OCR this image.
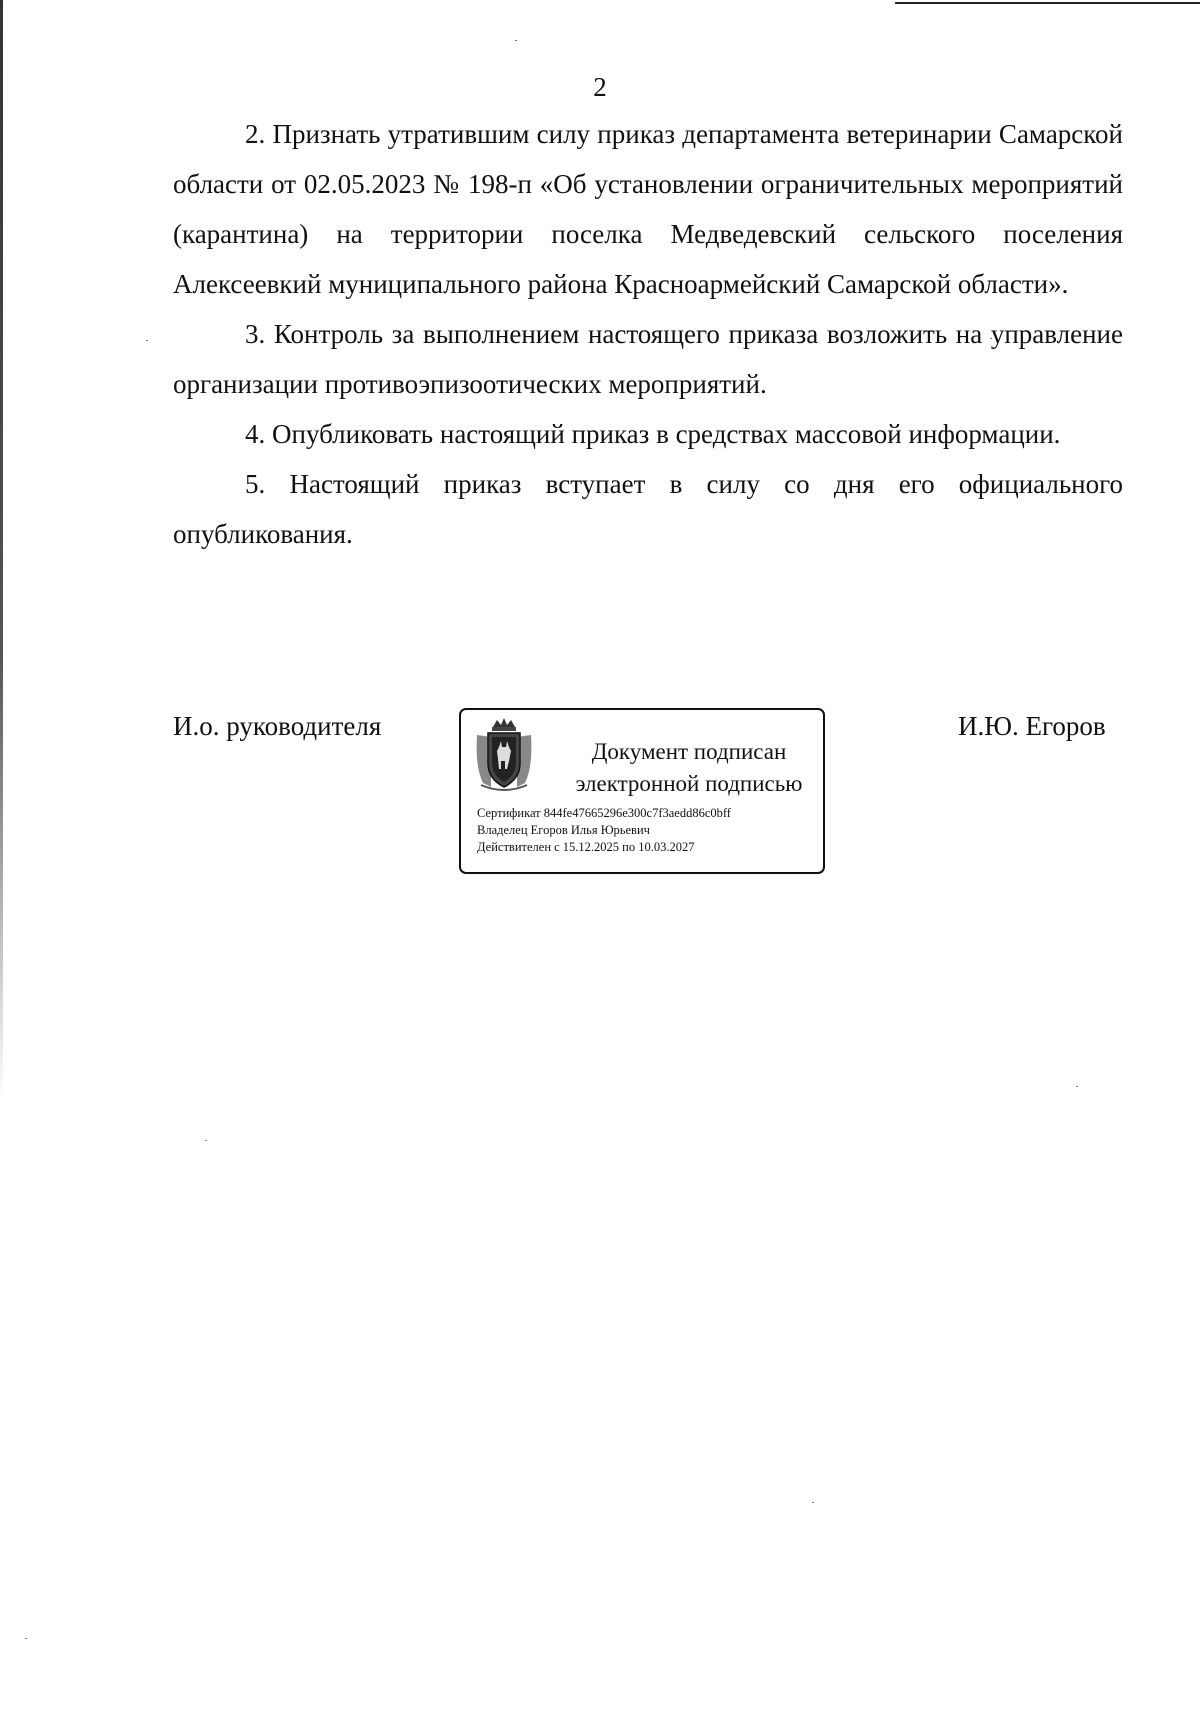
2

2. Признать утратившим силу приказ департамента ветеринарии Самарской области от 02.05.2023 № 198-п «Об установлении ограничительных мероприятий (карантина) на территории поселка Медведевский сельского поселения Алексеевкий муниципального района Красноармейский Самарской области».

3. Контроль за выполнением настоящего приказа возложить на управление организации противоэпизоотических мероприятий.

4. Опубликовать настоящий приказ в средствах массовой информации.

5. Настоящий приказ вступает в силу со дня его официального опубликования.

И.о. руководителя
Документ подписан
электронной подписью
Сертификат 844fe47665296e300c7f3aedd86c0bff
Владелец Егоров Илья Юрьевич
Действителен с 15.12.2025 по 10.03.2027
И.Ю. Егоров
